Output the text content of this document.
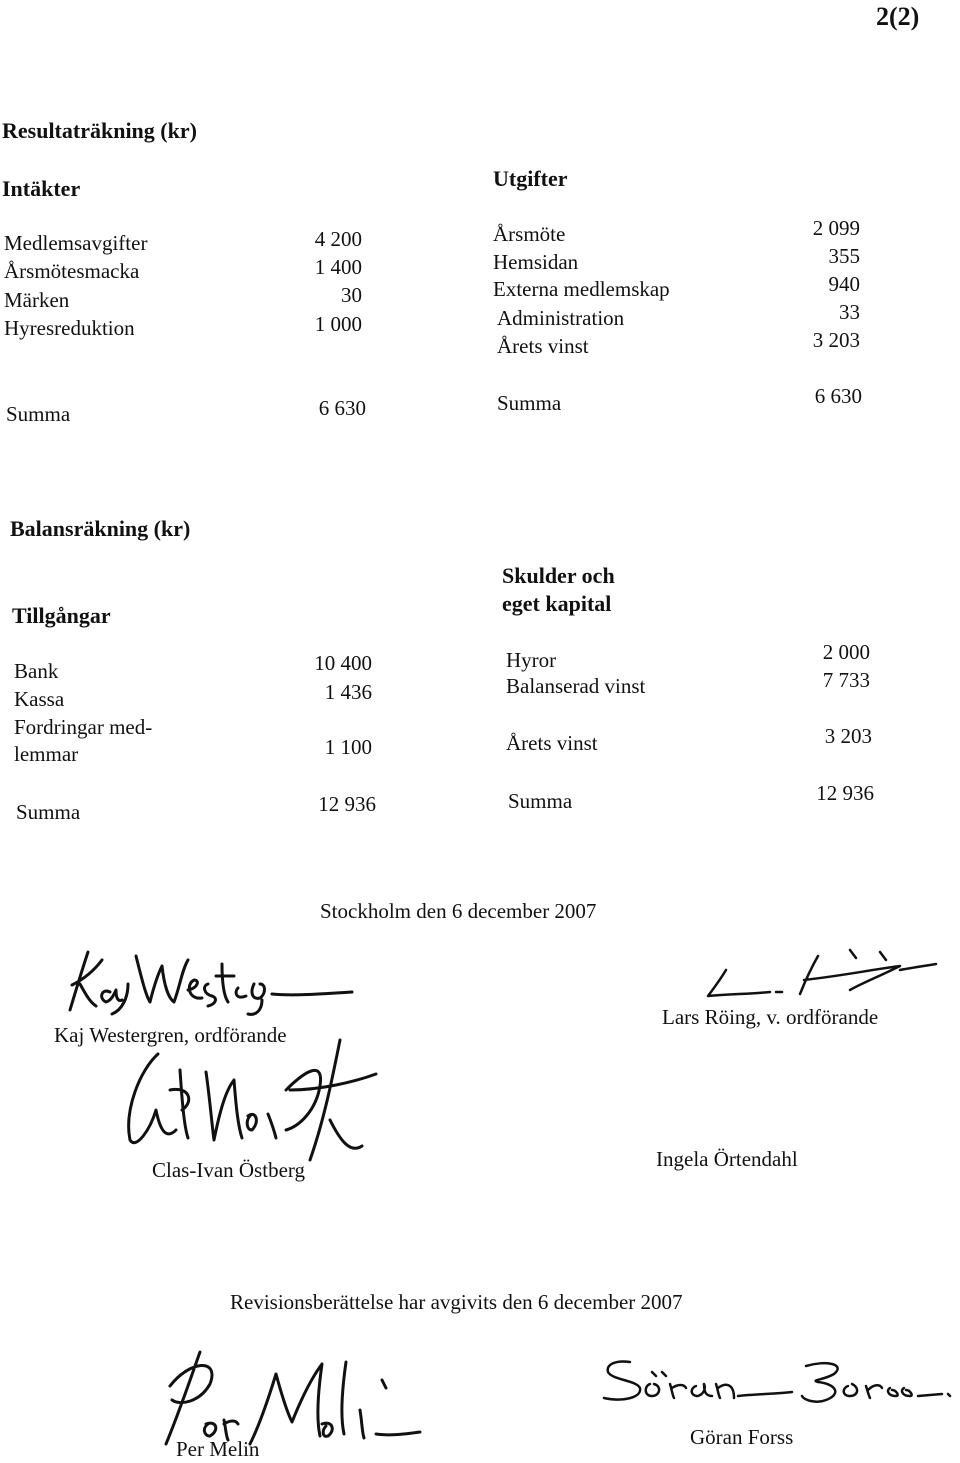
2(2)
Resultaträkning (kr)
Intäkter
Medlemsavgifter	4 200
Årsmötesmacka	1 400
Märken	30
Hyresreduktion	1 000
Summa	6 630
Utgifter
Årsmöte	2 099
Hemsidan	355
Externa medlemskap	940
Administration	33
Årets vinst	3 203
Summa	6 630
Balansräkning (kr)
Tillgångar
Bank	10 400
Kassa	1 436
Fordringar med-
lemmar	1 100
Summa	12 936
Skulder och
eget kapital
Hyror	2 000
Balanserad vinst	7 733
Årets vinst	3 203
Summa	12 936
Stockholm den 6 december 2007
Kaj Westergren, ordförande
Lars Röing, v. ordförande
Clas-Ivan Östberg	Ingela Örtendahl
Revisionsberättelse har avgivits den 6 december 2007
Per Melin	Göran Forss
